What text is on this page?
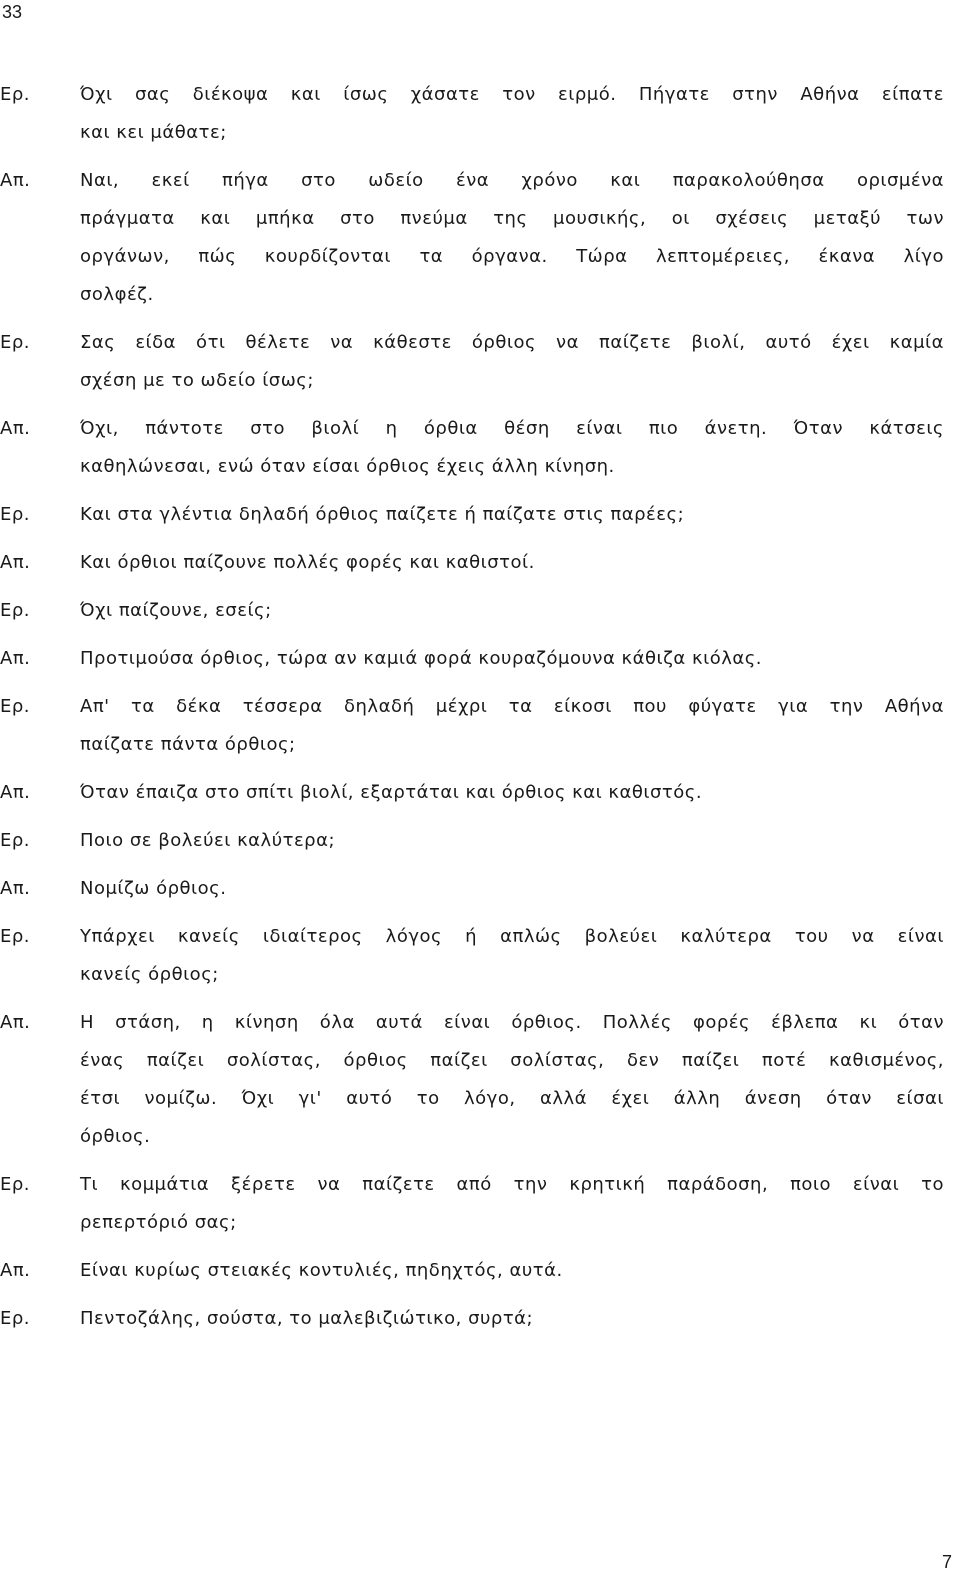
33
Ερ.	Όχι σας διέκοψα και ίσως χάσατε τον ειρμό. Πήγατε στην Αθήνα είπατε
και κει μάθατε;
Απ.	Ναι, εκεί πήγα στο ωδείο ένα χρόνο και παρακολούθησα ορισμένα
πράγματα και μπήκα στο πνεύμα της μουσικής, οι σχέσεις μεταξύ των
οργάνων, πώς κουρδίζονται τα όργανα. Τώρα λεπτομέρειες, έκανα λίγο
σολφέζ.
Ερ.	Σας είδα ότι θέλετε να κάθεστε όρθιος να παίζετε βιολί, αυτό έχει καμία
σχέση με το ωδείο ίσως;
Απ.	Όχι, πάντοτε στο βιολί η όρθια θέση είναι πιο άνετη. Όταν κάτσεις
καθηλώνεσαι, ενώ όταν είσαι όρθιος έχεις άλλη κίνηση.
Ερ.	Και στα γλέντια δηλαδή όρθιος παίζετε ή παίζατε στις παρέες;
Απ.	Και όρθιοι παίζουνε πολλές φορές και καθιστοί.
Ερ.	Όχι παίζουνε, εσείς;
Απ.	Προτιμούσα όρθιος, τώρα αν καμιά φορά κουραζόμουνα κάθιζα κιόλας.
Ερ.	Απ' τα δέκα τέσσερα δηλαδή μέχρι τα είκοσι που φύγατε για την Αθήνα
παίζατε πάντα όρθιος;
Απ.	Όταν έπαιζα στο σπίτι βιολί, εξαρτάται και όρθιος και καθιστός.
Ερ.	Ποιο σε βολεύει καλύτερα;
Απ.	Νομίζω όρθιος.
Ερ.	Υπάρχει κανείς ιδιαίτερος λόγος ή απλώς βολεύει καλύτερα του να είναι
κανείς όρθιος;
Απ.	Η στάση, η κίνηση όλα αυτά είναι όρθιος. Πολλές φορές έβλεπα κι όταν
ένας παίζει σολίστας, όρθιος παίζει σολίστας, δεν παίζει ποτέ καθισμένος,
έτσι νομίζω. Όχι γι' αυτό το λόγο, αλλά έχει άλλη άνεση όταν είσαι
όρθιος.
Ερ.	Τι κομμάτια ξέρετε να παίζετε από την κρητική παράδοση, ποιο είναι το
ρεπερτόριό σας;
Απ.	Είναι κυρίως στειακές κοντυλιές, πηδηχτός, αυτά.
Ερ.	Πεντοζάλης, σούστα, το μαλεβιζιώτικο, συρτά;
7
